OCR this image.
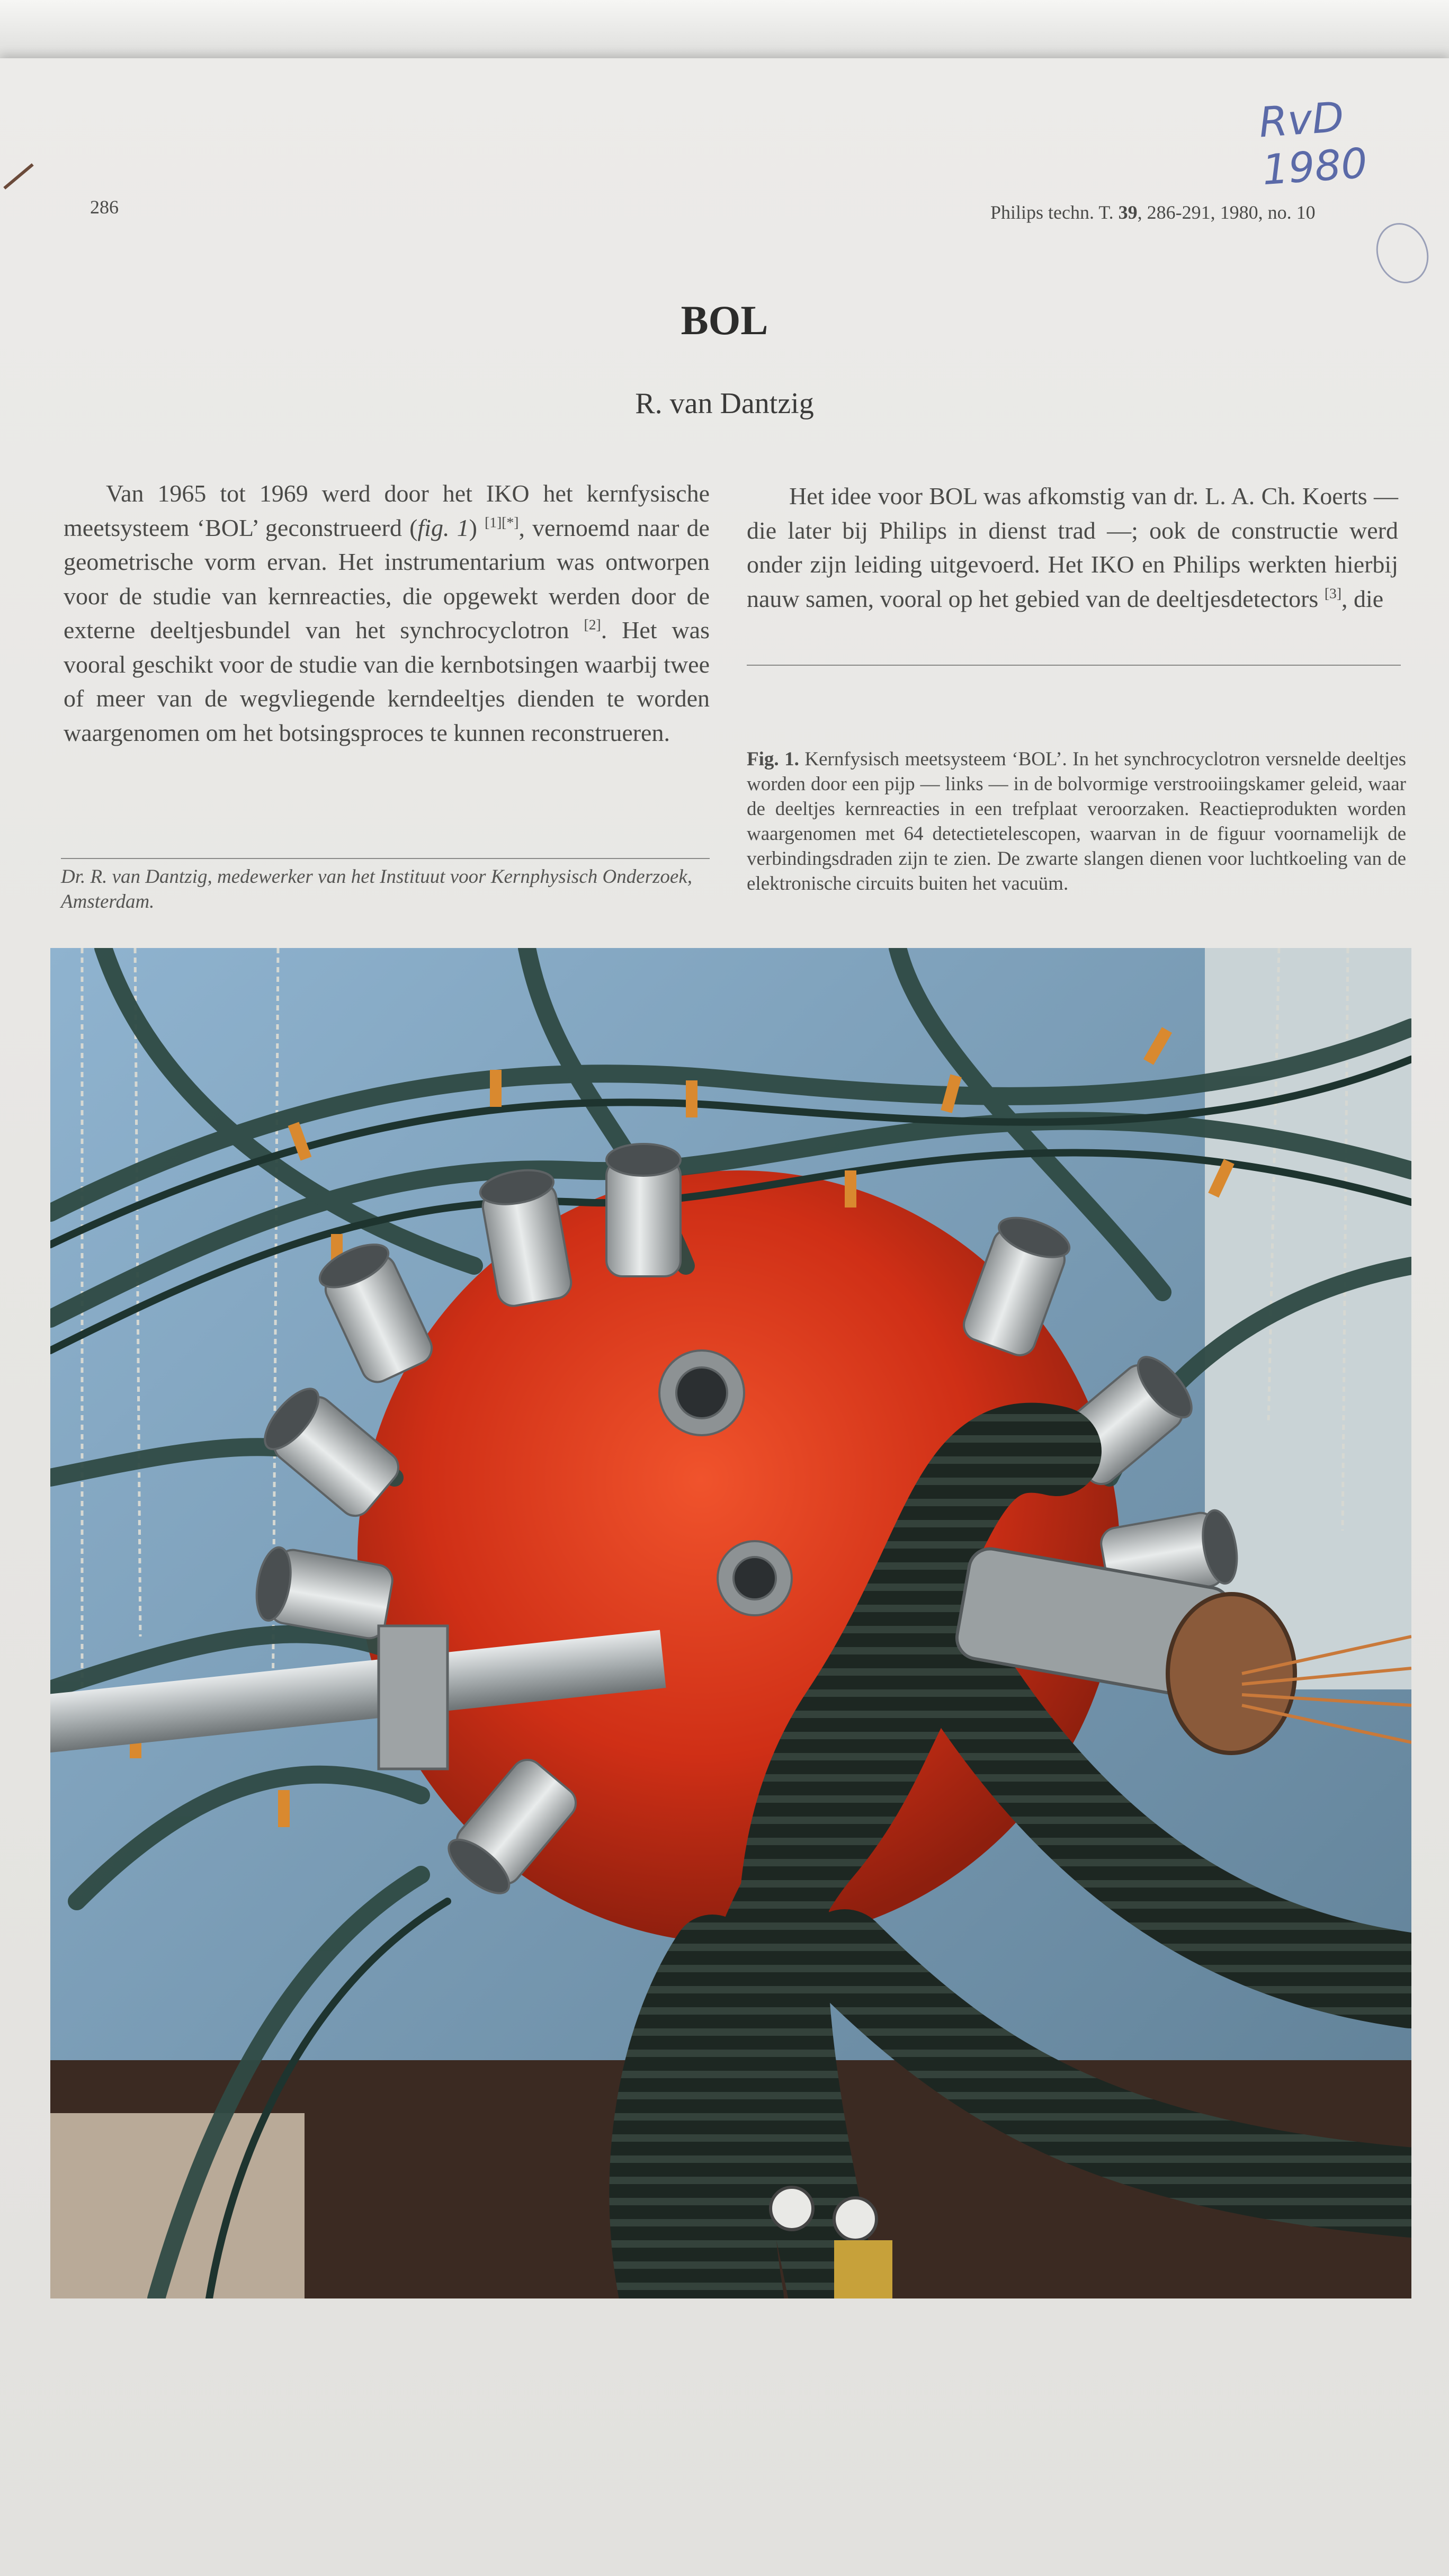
RvD 1980
286	Philips techn. T. 39, 286-291, 1980, no. 10
BOL
R. van Dantzig
Van 1965 tot 1969 werd door het IKO het kernfysische meetsysteem ‘BOL’ geconstrueerd (fig. 1) [1][*], vernoemd naar de geometrische vorm ervan. Het instrumentarium was ontworpen voor de studie van kernreacties, die opgewekt werden door de externe deeltjesbundel van het synchrocyclotron [2]. Het was vooral geschikt voor de studie van die kernbotsingen waarbij twee of meer van de wegvliegende kerndeeltjes dienden te worden waargenomen om het botsingsproces te kunnen reconstrueren.
Het idee voor BOL was afkomstig van dr. L. A. Ch. Koerts — die later bij Philips in dienst trad —; ook de constructie werd onder zijn leiding uitgevoerd. Het IKO en Philips werkten hierbij nauw samen, vooral op het gebied van de deeltjesdetectors [3], die
Fig. 1. Kernfysisch meetsysteem ‘BOL’. In het synchrocyclotron versnelde deeltjes worden door een pijp — links — in de bolvormige verstrooiingskamer geleid, waar de deeltjes kernreacties in een trefplaat veroorzaken. Reactieprodukten worden waargenomen met 64 detectietelescopen, waarvan in de figuur voornamelijk de verbindingsdraden zijn te zien. De zwarte slangen dienen voor luchtkoeling van de elektronische circuits buiten het vacuüm.
Dr. R. van Dantzig, medewerker van het Instituut voor Kernphysisch Onderzoek, Amsterdam.
